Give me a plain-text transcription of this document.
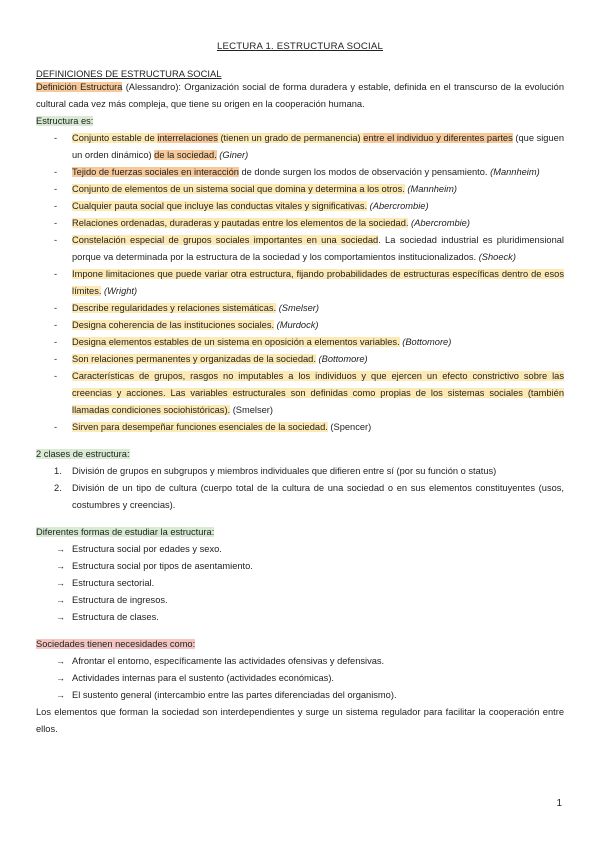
LECTURA 1. ESTRUCTURA SOCIAL
DEFINICIONES DE ESTRUCTURA SOCIAL
Definición Estructura (Alessandro): Organización social de forma duradera y estable, definida en el transcurso de la evolución cultural cada vez más compleja, que tiene su origen en la cooperación humana.
Estructura es:
- Conjunto estable de interrelaciones (tienen un grado de permanencia) entre el individuo y diferentes partes (que siguen un orden dinámico) de la sociedad. (Giner)
- Tejido de fuerzas sociales en interacción de donde surgen los modos de observación y pensamiento. (Mannheim)
- Conjunto de elementos de un sistema social que domina y determina a los otros. (Mannheim)
- Cualquier pauta social que incluye las conductas vitales y significativas. (Abercrombie)
- Relaciones ordenadas, duraderas y pautadas entre los elementos de la sociedad. (Abercrombie)
- Constelación especial de grupos sociales importantes en una sociedad. La sociedad industrial es pluridimensional porque va determinada por la estructura de la sociedad y los comportamientos institucionalizados. (Shoeck)
- Impone limitaciones que puede variar otra estructura, fijando probabilidades de estructuras específicas dentro de esos límites. (Wright)
- Describe regularidades y relaciones sistemáticas. (Smelser)
- Designa coherencia de las instituciones sociales. (Murdock)
- Designa elementos estables de un sistema en oposición a elementos variables. (Bottomore)
- Son relaciones permanentes y organizadas de la sociedad. (Bottomore)
- Características de grupos, rasgos no imputables a los individuos y que ejercen un efecto constrictivo sobre las creencias y acciones. Las variables estructurales son definidas como propias de los sistemas sociales (también llamadas condiciones sociohistóricas). (Smelser)
- Sirven para desempeñar funciones esenciales de la sociedad. (Spencer)
2 clases de estructura:
1. División de grupos en subgrupos y miembros individuales que difieren entre sí (por su función o status)
2. División de un tipo de cultura (cuerpo total de la cultura de una sociedad o en sus elementos constituyentes (usos, costumbres y creencias).
Diferentes formas de estudiar la estructura:
→ Estructura social por edades y sexo.
→ Estructura social por tipos de asentamiento.
→ Estructura sectorial.
→ Estructura de ingresos.
→ Estructura de clases.
Sociedades tienen necesidades como:
→ Afrontar el entorno, específicamente las actividades ofensivas y defensivas.
→ Actividades internas para el sustento (actividades económicas).
→ El sustento general (intercambio entre las partes diferenciadas del organismo).
Los elementos que forman la sociedad son interdependientes y surge un sistema regulador para facilitar la cooperación entre ellos.
1
